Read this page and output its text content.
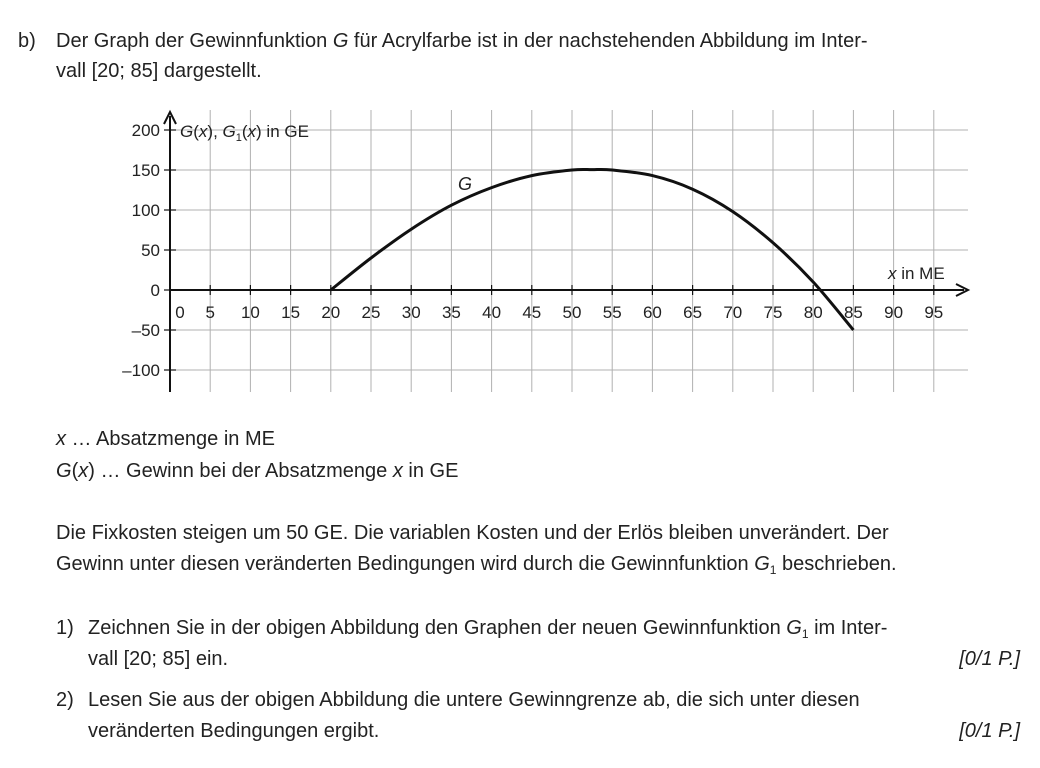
b) Der Graph der Gewinnfunktion G für Acrylfarbe ist in der nachstehenden Abbildung im Inter-
vall [20; 85] dargestellt.
0 5 10 15 20 25 30 35 40 45 50 55 60 65 70 75 80 85 90 95
200
150
100
50
0
–50
–100
G(x), $G_1(x)$ in GE
x in ME
G
x … Absatzmenge in ME
G(x) … Gewinn bei der Absatzmenge x in GE
Die Fixkosten steigen um 50 GE. Die variablen Kosten und der Erlös bleiben unverändert. Der
Gewinn unter diesen veränderten Bedingungen wird durch die Gewinnfunktion $G_1$ beschrieben.
1) Zeichnen Sie in der obigen Abbildung den Graphen der neuen Gewinnfunktion $G_1$ im Inter-
vall [20; 85] ein.	[0/1 P.]
2) Lesen Sie aus der obigen Abbildung die untere Gewinngrenze ab, die sich unter diesen
veränderten Bedingungen ergibt.	[0/1 P.]
